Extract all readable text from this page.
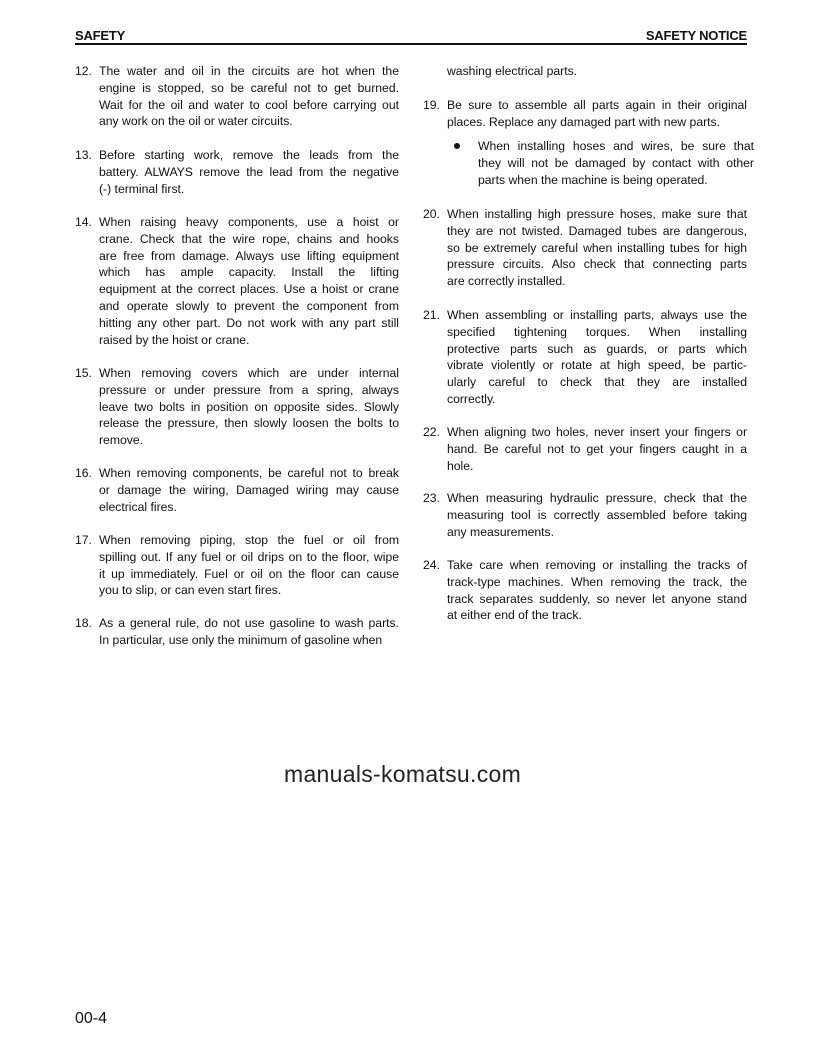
SAFETY	SAFETY NOTICE
12. The water and oil in the circuits are hot when the
engine is stopped, so be careful not to get burned.
Wait for the oil and water to cool before carrying out
any work on the oil or water circuits.
13. Before starting work, remove the leads from the
battery. ALWAYS remove the lead from the negative
(-) terminal first.
14. When raising heavy components, use a hoist or
crane. Check that the wire rope, chains and hooks
are free from damage. Always use lifting equipment
which has ample capacity. Install the lifting
equipment at the correct places. Use a hoist or crane
and operate slowly to prevent the component from
hitting any other part. Do not work with any part still
raised by the hoist or crane.
15. When removing covers which are under internal
pressure or under pressure from a spring, always
leave two bolts in position on opposite sides. Slowly
release the pressure, then slowly loosen the bolts to
remove.
16. When removing components, be careful not to break
or damage the wiring, Damaged wiring may cause
electrical fires.
17. When removing piping, stop the fuel or oil from
spilling out. If any fuel or oil drips on to the floor, wipe
it up immediately. Fuel or oil on the floor can cause
you to slip, or can even start fires.
18. As a general rule, do not use gasoline to wash parts.
In particular, use only the minimum of gasoline when
washing electrical parts.
19. Be sure to assemble all parts again in their original
places. Replace any damaged part with new parts.
20. When installing high pressure hoses, make sure that
they are not twisted. Damaged tubes are dangerous,
so be extremely careful when installing tubes for high
pressure circuits. Also check that connecting parts
are correctly installed.
21. When assembling or installing parts, always use the
specified tightening torques. When installing
protective parts such as guards, or parts which
vibrate violently or rotate at high speed, be partic-
ularly careful to check that they are installed
correctly.
22. When aligning two holes, never insert your fingers or
hand. Be careful not to get your fingers caught in a
hole.
23. When measuring hydraulic pressure, check that the
measuring tool is correctly assembled before taking
any measurements.
24. Take care when removing or installing the tracks of
track-type machines. When removing the track, the
track separates suddenly, so never let anyone stand
at either end of the track.
When installing hoses and wires, be sure that
they will not be damaged by contact with other
parts when the machine is being operated.
manuals-komatsu.com
00-4
